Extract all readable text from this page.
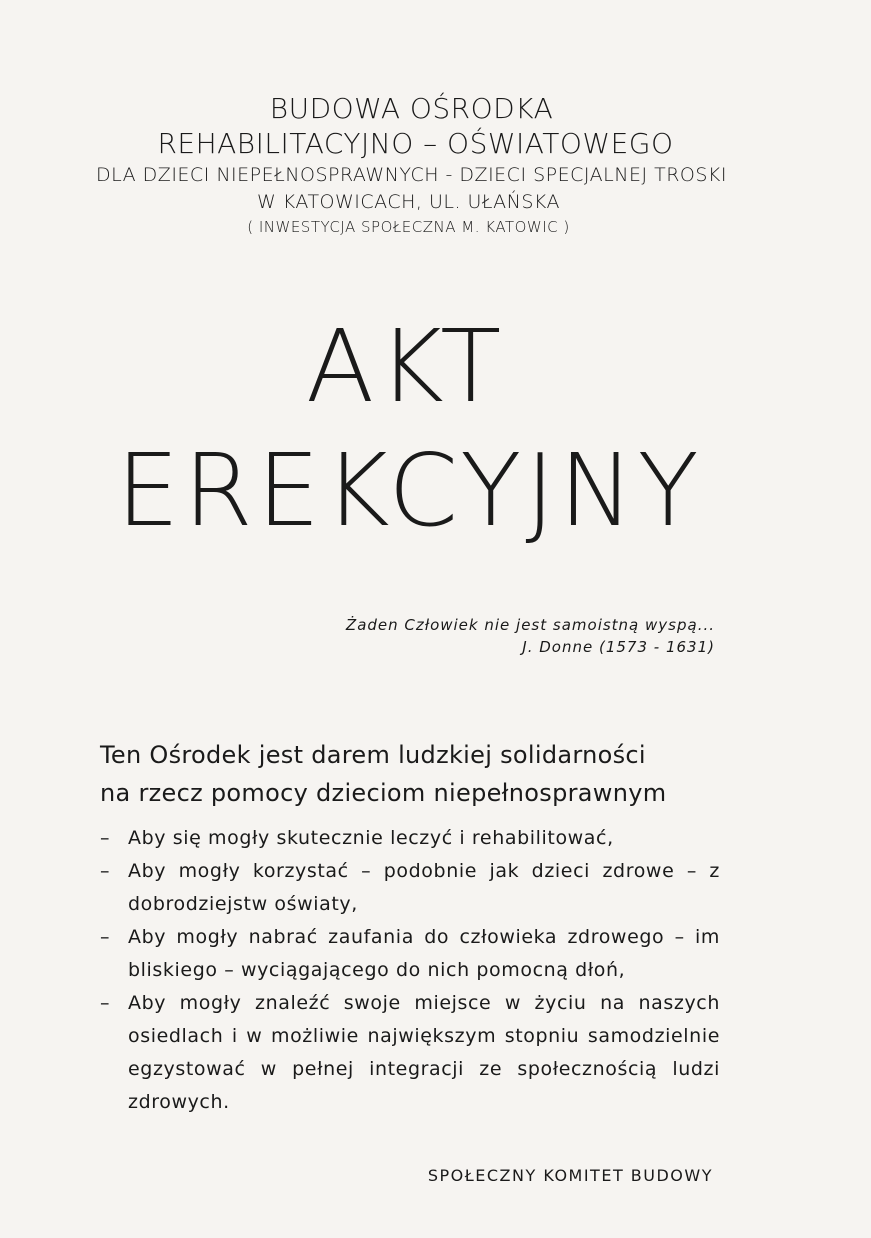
BUDOWA OŚRODKA
REHABILITACYJNO – OŚWIATOWEGO
DLA DZIECI NIEPEŁNOSPRAWNYCH - DZIECI SPECJALNEJ TROSKI
W KATOWICACH, UL. UŁAŃSKA
( INWESTYCJA SPOŁECZNA M. KATOWIC )
AKT
EREKCYJNY
Żaden Człowiek nie jest samoistną wyspą...
J. Donne (1573 - 1631)
Ten Ośrodek jest darem ludzkiej solidarności
na rzecz pomocy dzieciom niepełnosprawnym
– Aby się mogły skutecznie leczyć i rehabilitować,
– Aby mogły korzystać – podobnie jak dzieci zdrowe – z dobrodziejstw oświaty,
– Aby mogły nabrać zaufania do człowieka zdrowego – im bliskiego – wyciągającego do nich pomocną dłoń,
– Aby mogły znaleźć swoje miejsce w życiu na naszych osiedlach i w możliwie największym stopniu samodzielnie egzystować w pełnej integracji ze społecznością ludzi zdrowych.
SPOŁECZNY KOMITET BUDOWY
